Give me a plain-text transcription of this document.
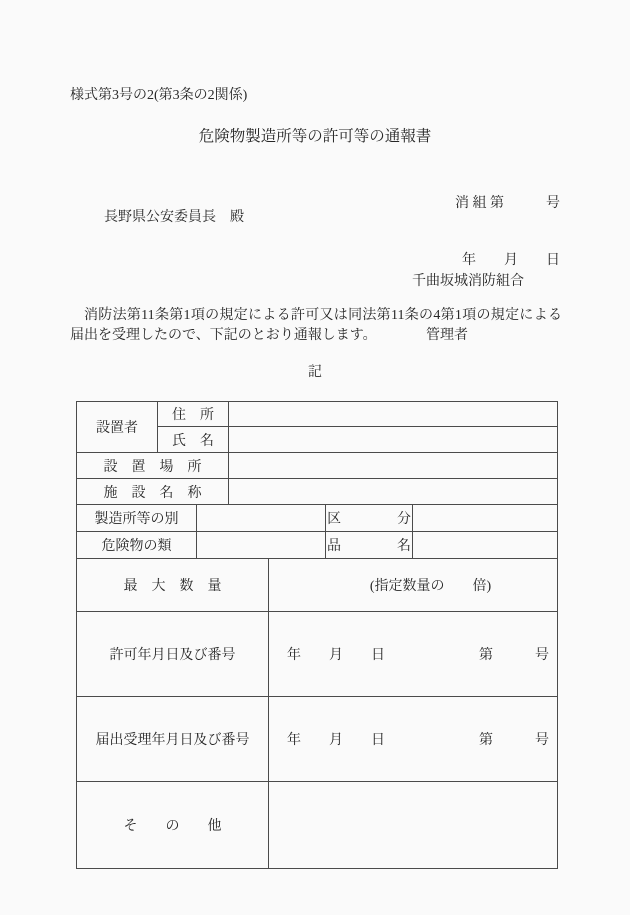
様式第3号の2(第3条の2関係)
危険物製造所等の許可等の通報書

消 組 第　　　号

年　　月　　日

長野県公安委員長　殿

千曲坂城消防組合

管理者

消防法第11条第1項の規定による許可又は同法第11条の4第1項の規定による届出を受理したので、下記のとおり通報します。

記
設置者	住　所					
	氏　名					
設　置　場　所						
施　設　名　称						
製造所等の別					区　　　　分	
危険物の類					品　　　　名	
最　大　数　量				(指定数量の　　倍)		

許可年月日及び番号				年　　月　　日 第　　　号		

届出受理年月日及び番号				年　　月　　日 第　　　号		

そ　　の　　他						
